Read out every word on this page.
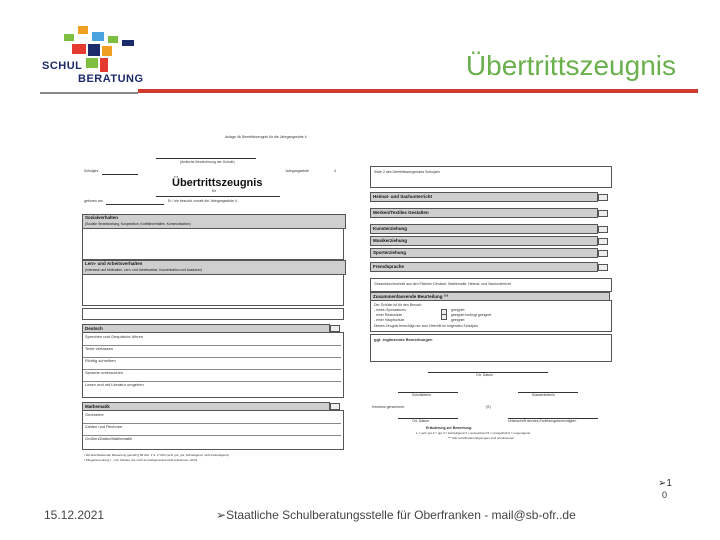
SCHUL
BERATUNG	Übertrittszeugnis
Anlage 4b Übertrittszeugnis für die Jahrgangsstufe 4
(Amtliche Bezeichnung der Schule)
Schuljahr	Jahrgangsstufe	4
Übertrittszeugnis
für
geboren am	Er / sie besucht zurzeit die Jahrgangsstufe 4.
Sozialverhalten
(Soziale Verantwortung, Kooperation, Konfliktverhalten, Kommunikation)
Lern- und Arbeitsverhalten
(Interesse und Motivation, Lern- und Arbeitsweise, Konzentration und Ausdauer)
Deutsch
Sprechen und Gespräche führen
Texte verfassen
Richtig schreiben
Sprache untersuchen
Lesen und mit Literatur umgehen
Mathematik
Geometrie
Zahlen und Rechnen
Größen/Daten/Mathematik
¹ Mit abschließender Bewertung gemäß § 58 Abs. 1 S. 2 VSO (sehr gut, gut, befriedigend, nicht befriedigend)
² Pflegebemerkung (...) für Schüler, die nicht am Religionsunterricht teilnehmen, Ethik
Seite 2 des Übertrittszeugnisses Schuljahr
Heimat- und Sachunterricht
Werken/Textiles Gestalten
Kunsterziehung
Musikerziehung
Sporterziehung
Fremdsprache
Gesamtdurchschnitt aus den Fächern Deutsch, Mathematik, Heimat- und Sachunterricht
Zusammenfassende Beurteilung ¹²³
Der Schüler ist für den Besuch
- eines Gymnasiums
- einer Realschule
- einer Hauptschule
geeignet
geeignet bedingt geeignet
geeignet
Dieses Zeugnis berechtigt nur zum Übertritt im folgenden Schuljahr
ggf. ergänzende Bemerkungen
Ort, Datum
Schulleiterin	Klassenleiterin
Kenntnis genommen:	(S)
Ort, Datum	Unterschrift der/des Erziehungsberechtigten
Erläuterung zur Bewertung:
1 = sehr gut 2 = gut 3 = befriedigend 4 = ausreichend 5 = mangelhaft 6 = ungenügend
*** Alle zutreffenden Eignungen sind anzukreuzen
➢1
0
15.12.2021	➢Staatliche Schulberatungsstelle für Oberfranken - mail@sb-ofr..de
